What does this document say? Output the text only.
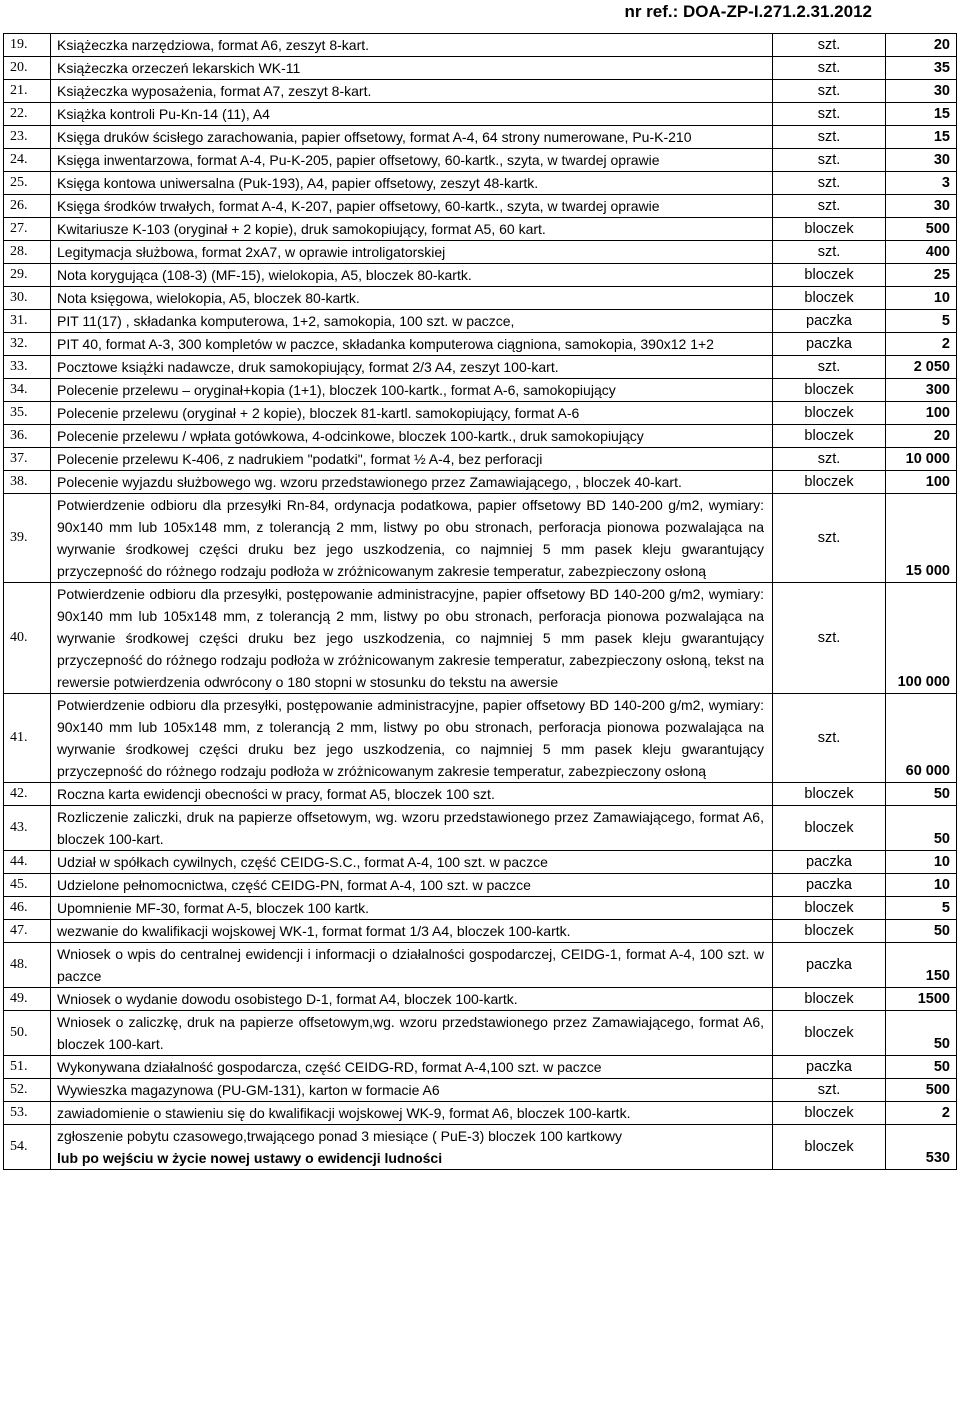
nr ref.: DOA-ZP-I.271.2.31.2012
19.	Książeczka narzędziowa, format A6, zeszyt 8-kart.	szt.	20
20.	Książeczka orzeczeń lekarskich WK-11	szt.	35
21.	Książeczka wyposażenia, format A7, zeszyt 8-kart.	szt.	30
22.	Książka kontroli Pu-Kn-14 (11), A4	szt.	15
23.	Księga druków ścisłego zarachowania, papier offsetowy, format A-4, 64 strony numerowane, Pu-K-210	szt.	15
24.	Księga inwentarzowa, format A-4, Pu-K-205, papier offsetowy, 60-kartk., szyta, w twardej oprawie	szt.	30
25.	Księga kontowa uniwersalna (Puk-193), A4, papier offsetowy, zeszyt 48-kartk.	szt.	3
26.	Księga środków trwałych, format A-4, K-207, papier offsetowy, 60-kartk., szyta, w twardej oprawie	szt.	30
27.	Kwitariusze K-103 (oryginał + 2 kopie), druk samokopiujący, format A5, 60 kart.	bloczek	500
28.	Legitymacja służbowa, format 2xA7, w oprawie introligatorskiej	szt.	400
29.	Nota korygująca (108-3) (MF-15), wielokopia, A5, bloczek 80-kartk.	bloczek	25
30.	Nota księgowa, wielokopia, A5, bloczek 80-kartk.	bloczek	10
31.	PIT 11(17) , składanka komputerowa, 1+2, samokopia, 100 szt. w paczce,	paczka	5
32.	PIT 40, format A-3, 300 kompletów w paczce, składanka komputerowa ciągniona, samokopia, 390x12 1+2	paczka	2
33.	Pocztowe książki nadawcze, druk samokopiujący, format 2/3 A4, zeszyt 100-kart.	szt.	2 050
34.	Polecenie przelewu – oryginał+kopia (1+1), bloczek 100-kartk., format A-6, samokopiujący	bloczek	300
35.	Polecenie przelewu (oryginał + 2 kopie), bloczek 81-kartl. samokopiujący, format A-6	bloczek	100
36.	Polecenie przelewu / wpłata gotówkowa, 4-odcinkowe, bloczek 100-kartk., druk samokopiujący	bloczek	20
37.	Polecenie przelewu K-406, z nadrukiem "podatki", format ½ A-4, bez perforacji	szt.	10 000
38.	Polecenie wyjazdu służbowego wg. wzoru przedstawionego przez Zamawiającego, , bloczek 40-kart.	bloczek	100
39.	Potwierdzenie odbioru dla przesyłki Rn-84, ordynacja podatkowa, papier offsetowy BD 140-200 g/m2, wymiary: 90x140 mm lub 105x148 mm, z tolerancją 2 mm, listwy po obu stronach, perforacja pionowa pozwalająca na wyrwanie środkowej części druku bez jego uszkodzenia, co najmniej 5 mm pasek kleju gwarantujący przyczepność do różnego rodzaju podłoża w zróżnicowanym zakresie temperatur, zabezpieczony osłoną	szt.	15 000
40.	Potwierdzenie odbioru dla przesyłki, postępowanie administracyjne, papier offsetowy BD 140-200 g/m2, wymiary: 90x140 mm lub 105x148 mm, z tolerancją 2 mm, listwy po obu stronach, perforacja pionowa pozwalająca na wyrwanie środkowej części druku bez jego uszkodzenia, co najmniej 5 mm pasek kleju gwarantujący przyczepność do różnego rodzaju podłoża w zróżnicowanym zakresie temperatur, zabezpieczony osłoną, tekst na rewersie potwierdzenia odwrócony o 180 stopni w stosunku do tekstu na awersie	szt.	100 000
41.	Potwierdzenie odbioru dla przesyłki, postępowanie administracyjne, papier offsetowy BD 140-200 g/m2, wymiary: 90x140 mm lub 105x148 mm, z tolerancją 2 mm, listwy po obu stronach, perforacja pionowa pozwalająca na wyrwanie środkowej części druku bez jego uszkodzenia, co najmniej 5 mm pasek kleju gwarantujący przyczepność do różnego rodzaju podłoża w zróżnicowanym zakresie temperatur, zabezpieczony osłoną	szt.	60 000
42.	Roczna karta ewidencji obecności w pracy, format A5, bloczek 100 szt.	bloczek	50
43.	Rozliczenie zaliczki, druk na papierze offsetowym, wg. wzoru przedstawionego przez Zamawiającego, format A6, bloczek 100-kart.	bloczek	50
44.	Udział w spółkach cywilnych, część CEIDG-S.C., format A-4, 100 szt. w paczce	paczka	10
45.	Udzielone pełnomocnictwa, część CEIDG-PN, format A-4, 100 szt. w paczce	paczka	10
46.	Upomnienie MF-30, format A-5, bloczek 100 kartk.	bloczek	5
47.	wezwanie do kwalifikacji wojskowej WK-1, format format 1/3 A4, bloczek 100-kartk.	bloczek	50
48.	Wniosek o wpis do centralnej ewidencji i informacji o działalności gospodarczej, CEIDG-1, format A-4, 100 szt. w paczce	paczka	150
49.	Wniosek o wydanie dowodu osobistego D-1, format A4, bloczek 100-kartk.	bloczek	1500
50.	Wniosek o zaliczkę, druk na papierze offsetowym,wg. wzoru przedstawionego przez Zamawiającego, format A6, bloczek 100-kart.	bloczek	50
51.	Wykonywana działalność gospodarcza, część CEIDG-RD, format A-4,100 szt. w paczce	paczka	50
52.	Wywieszka magazynowa (PU-GM-131), karton w formacie A6	szt.	500
53.	zawiadomienie o stawieniu się do kwalifikacji wojskowej WK-9, format A6, bloczek 100-kartk.	bloczek	2
54.	zgłoszenie pobytu czasowego,trwającego ponad 3 miesiące ( PuE-3) bloczek 100 kartkowy
lub po wejściu w życie nowej ustawy o ewidencji ludności	bloczek	530
